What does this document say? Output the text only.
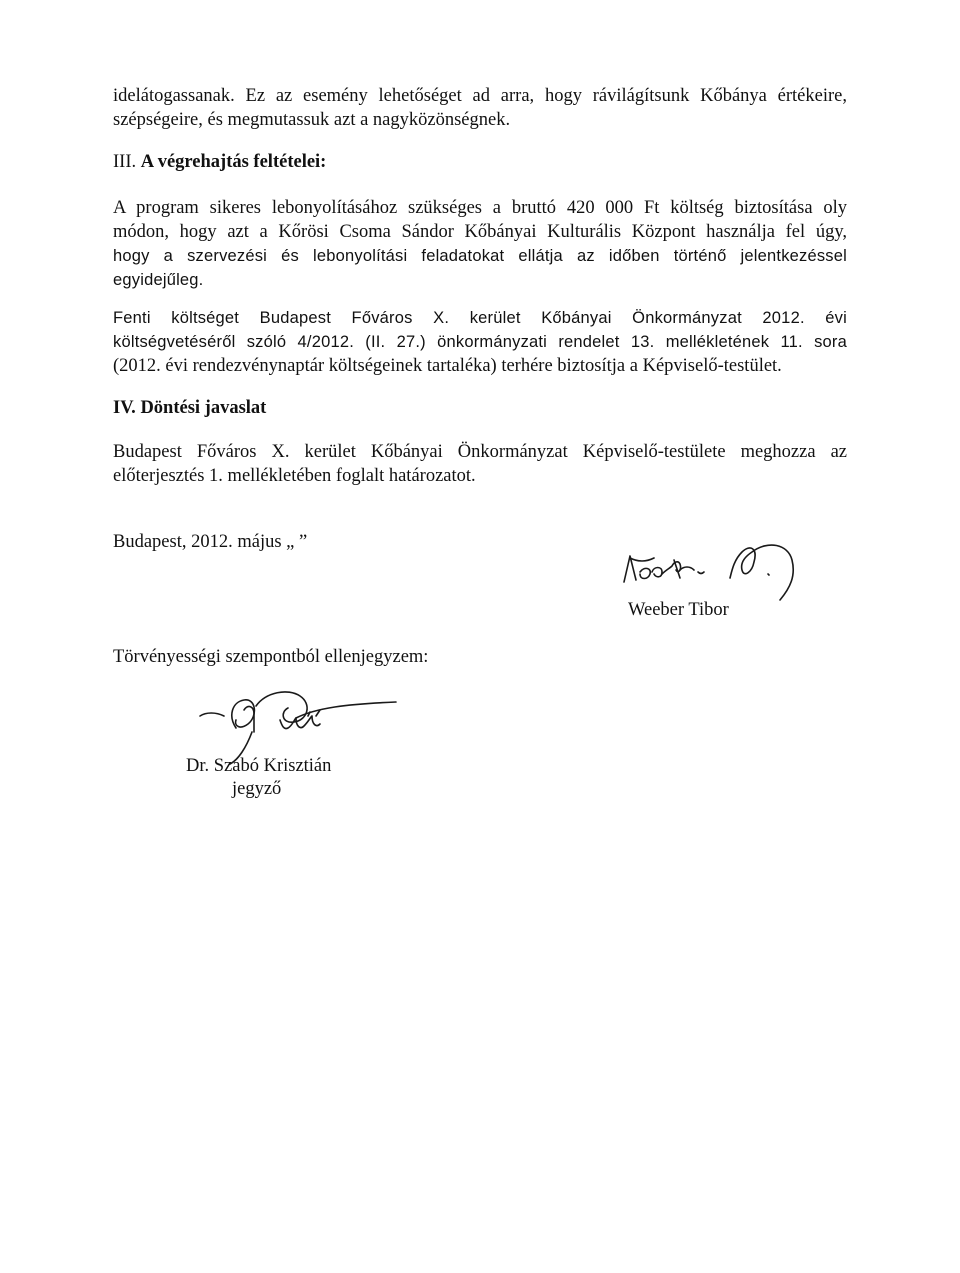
idelátogassanak. Ez az esemény lehetőséget ad arra, hogy rávilágítsunk Kőbánya értékeire,
szépségeire, és megmutassuk azt a nagyközönségnek.
III. A végrehajtás feltételei:
A program sikeres lebonyolításához szükséges a bruttó 420 000 Ft költség biztosítása oly
módon, hogy azt a Kőrösi Csoma Sándor Kőbányai Kulturális Központ használja fel úgy,
hogy a szervezési és lebonyolítási feladatokat ellátja az időben történő jelentkezéssel
egyidejűleg.
Fenti költséget Budapest Főváros X. kerület Kőbányai Önkormányzat 2012. évi
költségvetéséről szóló 4/2012. (II. 27.) önkormányzati rendelet 13. mellékletének 11. sora
(2012. évi rendezvénynaptár költségeinek tartaléka) terhére biztosítja a Képviselő-testület.
IV. Döntési javaslat
Budapest Főváros X. kerület Kőbányai Önkormányzat Képviselő-testülete meghozza az
előterjesztés 1. mellékletében foglalt határozatot.
Budapest, 2012. május „ ”
Weeber Tibor
Törvényességi szempontból ellenjegyzem:
Dr. Szabó Krisztián
jegyző
